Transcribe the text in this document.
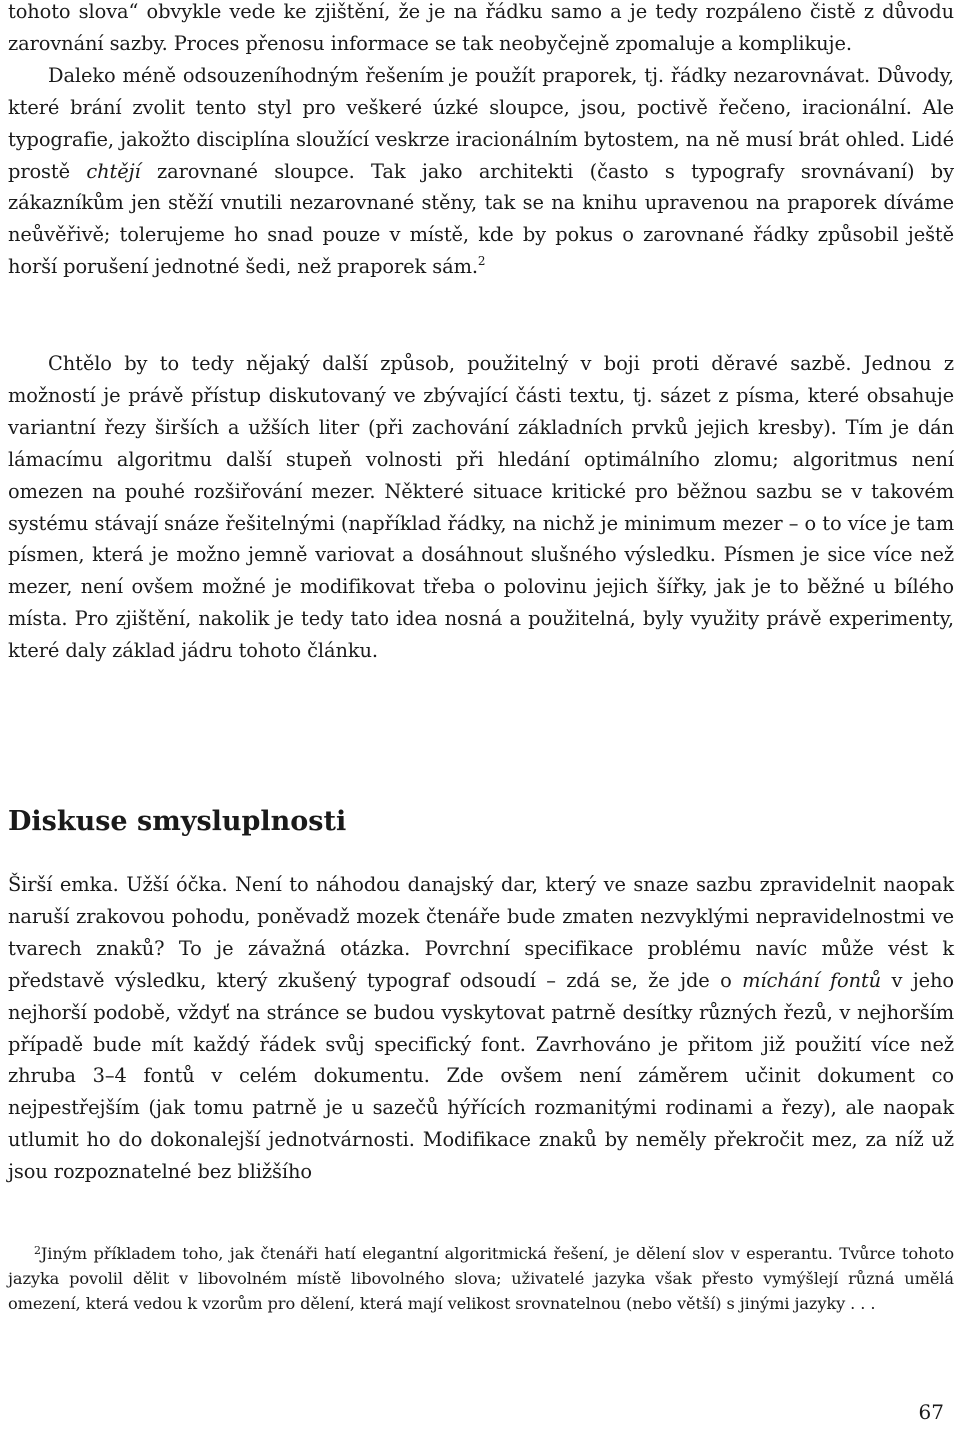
tohoto slova“ obvykle vede ke zjištění, že je na řádku samo a je tedy rozpáleno čistě z důvodu zarovnání sazby. Proces přenosu informace se tak neobyčejně zpomaluje a komplikuje.
Daleko méně odsouzeníhodným řešením je použít praporek, tj. řádky nezarovnávat. Důvody, které brání zvolit tento styl pro veškeré úzké sloupce, jsou, poctivě řečeno, iracionální. Ale typografie, jakožto disciplína sloužící veskrze iracionálním bytostem, na ně musí brát ohled. Lidé prostě chtějí zarovnané sloupce. Tak jako architekti (často s typografy srovnávaní) by zákazníkům jen stěží vnutili nezarovnané stěny, tak se na knihu upravenou na praporek díváme neůvěřivě; tolerujeme ho snad pouze v místě, kde by pokus o zarovnané řádky způsobil ještě horší porušení jednotné šedi, než praporek sám.$^2$

Chtělo by to tedy nějaký další způsob, použitelný v boji proti děravé sazbě. Jednou z možností je právě přístup diskutovaný ve zbývající části textu, tj. sázet z písma, které obsahuje variantní řezy širších a užších liter (při zachování základních prvků jejich kresby). Tím je dán lámacímu algoritmu další stupeň volnosti při hledání optimálního zlomu; algoritmus není omezen na pouhé rozšiřování mezer. Některé situace kritické pro běžnou sazbu se v takovém systému stávají snáze řešitelnými (například řádky, na nichž je minimum mezer – o to více je tam písmen, která je možno jemně variovat a dosáhnout slušného výsledku. Písmen je sice více než mezer, není ovšem možné je modifikovat třeba o polovinu jejich šířky, jak je to běžné u bílého místa. Pro zjištění, nakolik je tedy tato idea nosná a použitelná, byly využity právě experimenty, které daly základ jádru tohoto článku.

Diskuse smysluplnosti

Širší emka. Užší óčka. Není to náhodou danajský dar, který ve snaze sazbu zpravidelnit naopak naruší zrakovou pohodu, poněvadž mozek čtenáře bude zmaten nezvyklými nepravidelnostmi ve tvarech znaků? To je závažná otázka. Povrchní specifikace problému navíc může vést k představě výsledku, který zkušený typograf odsoudí – zdá se, že jde o míchání fontů v jeho nejhorší podobě, vždyť na stránce se budou vyskytovat patrně desítky různých řezů, v nejhorším případě bude mít každý řádek svůj specifický font. Zavrhováno je přitom již použití více než zhruba 3–4 fontů v celém dokumentu. Zde ovšem není záměrem učinit dokument co nejpestřejším (jak tomu patrně je u sazečů hýřících rozmanitými rodinami a řezy), ale naopak utlumit ho do dokonalejší jednotvárnosti. Modifikace znaků by neměly překročit mez, za níž už jsou rozpoznatelné bez bližšího

$^2$Jiným příkladem toho, jak čtenáři hatí elegantní algoritmická řešení, je dělení slov v esperantu. Tvůrce tohoto jazyka povolil dělit v libovolném místě libovolného slova; uživatelé jazyka však přesto vymýšlejí různá umělá omezení, která vedou k vzorům pro dělení, která mají velikost srovnatelnou (nebo větší) s jinými jazyky . . .

67
